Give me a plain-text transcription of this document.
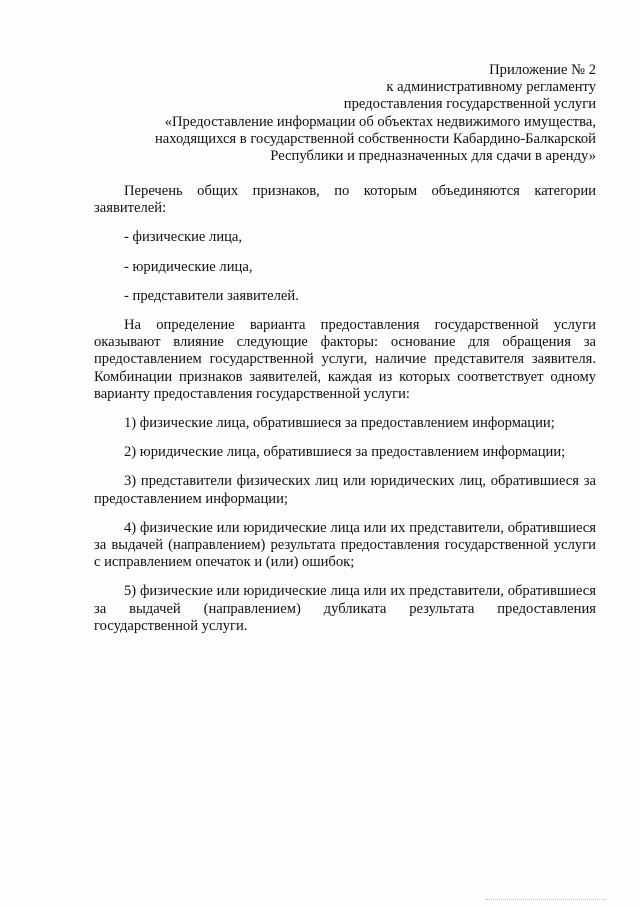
Приложение № 2
к административному регламенту
предоставления государственной услуги
«Предоставление информации об объектах недвижимого имущества,
находящихся в государственной собственности Кабардино-Балкарской
Республики и предназначенных для сдачи в аренду»

Перечень общих признаков, по которым объединяются категории заявителей:

- физические лица,

- юридические лица,

- представители заявителей.

На определение варианта предоставления государственной услуги оказывают влияние следующие факторы: основание для обращения за предоставлением государственной услуги, наличие представителя заявителя. Комбинации признаков заявителей, каждая из которых соответствует одному варианту предоставления государственной услуги:

1) физические лица, обратившиеся за предоставлением информации;

2) юридические лица, обратившиеся за предоставлением информации;

3) представители физических лиц или юридических лиц, обратившиеся за предоставлением информации;

4) физические или юридические лица или их представители, обратившиеся за выдачей (направлением) результата предоставления государственной услуги с исправлением опечаток и (или) ошибок;

5) физические или юридические лица или их представители, обратившиеся за выдачей (направлением) дубликата результата предоставления государственной услуги.
